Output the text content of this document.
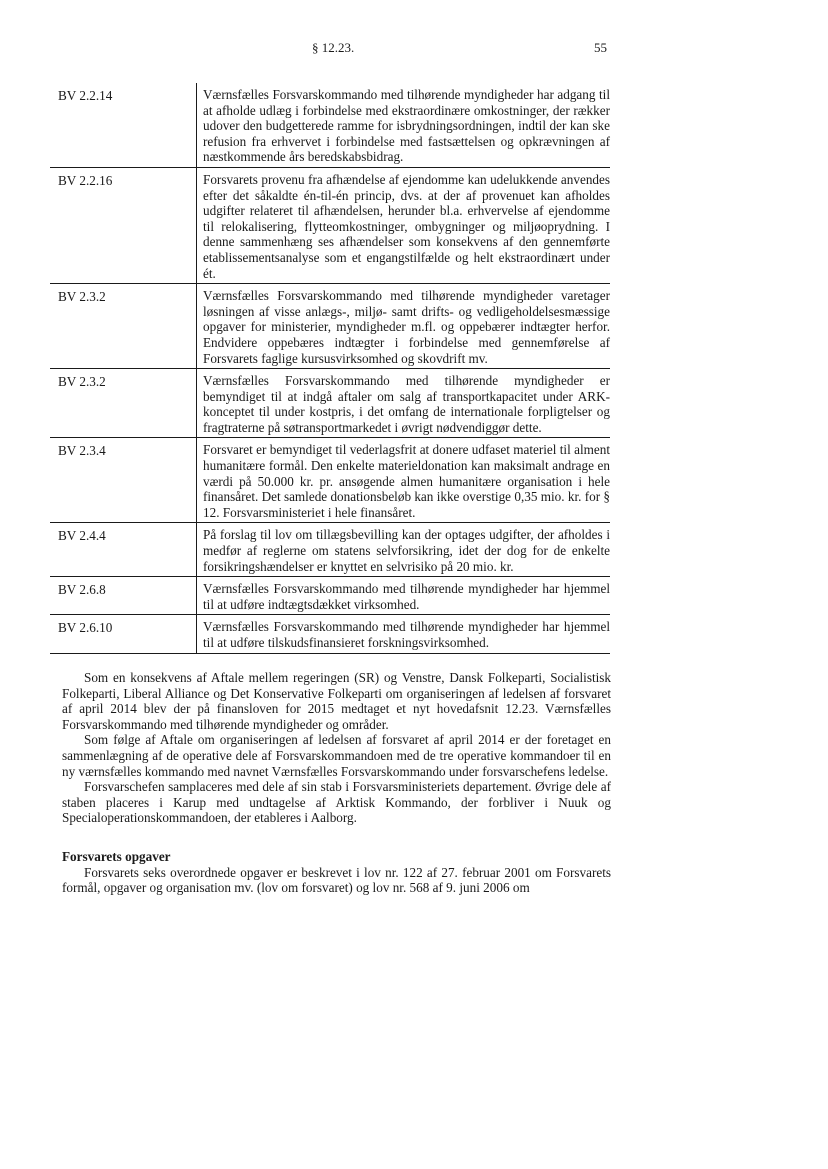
§ 12.23.	55
BV 2.2.14	Værnsfælles Forsvarskommando med tilhørende myndigheder har adgang til at afholde udlæg i forbindelse med ekstraordinære omkostninger, der rækker udover den budgetterede ramme for isbrydningsordningen, indtil der kan ske refusion fra erhvervet i forbindelse med fastsættelsen og opkrævningen af næstkommende års beredskabsbidrag.
BV 2.2.16	Forsvarets provenu fra afhændelse af ejendomme kan udelukkende anvendes efter det såkaldte én-til-én princip, dvs. at der af provenuet kan afholdes udgifter relateret til afhændelsen, herunder bl.a. erhvervelse af ejendomme til relokalisering, flytteomkostninger, ombygninger og miljøoprydning. I denne sammenhæng ses afhændelser som konsekvens af den gennemførte etablissementsanalyse som et engangstilfælde og helt ekstraordinært under ét.
BV 2.3.2	Værnsfælles Forsvarskommando med tilhørende myndigheder varetager løsningen af visse anlægs-, miljø- samt drifts- og vedligeholdelsesmæssige opgaver for ministerier, myndigheder m.fl. og oppebærer indtægter herfor. Endvidere oppebæres indtægter i forbindelse med gennemførelse af Forsvarets faglige kursusvirksomhed og skovdrift mv.
BV 2.3.2	Værnsfælles Forsvarskommando med tilhørende myndigheder er bemyndiget til at indgå aftaler om salg af transportkapacitet under ARK-konceptet til under kostpris, i det omfang de internationale forpligtelser og fragtraterne på søtransportmarkedet i øvrigt nødvendiggør dette.
BV 2.3.4	Forsvaret er bemyndiget til vederlagsfrit at donere udfaset materiel til alment humanitære formål. Den enkelte materieldonation kan maksimalt andrage en værdi på 50.000 kr. pr. ansøgende almen humanitære organisation i hele finansåret. Det samlede donationsbeløb kan ikke overstige 0,35 mio. kr. for § 12. Forsvarsministeriet i hele finansåret.
BV 2.4.4	På forslag til lov om tillægsbevilling kan der optages udgifter, der afholdes i medfør af reglerne om statens selvforsikring, idet der dog for de enkelte forsikringshændelser er knyttet en selvrisiko på 20 mio. kr.
BV 2.6.8	Værnsfælles Forsvarskommando med tilhørende myndigheder har hjemmel til at udføre indtægtsdækket virksomhed.
BV 2.6.10	Værnsfælles Forsvarskommando med tilhørende myndigheder har hjemmel til at udføre tilskudsfinansieret forskningsvirksomhed.

Som en konsekvens af Aftale mellem regeringen (SR) og Venstre, Dansk Folkeparti, Socialistisk Folkeparti, Liberal Alliance og Det Konservative Folkeparti om organiseringen af ledelsen af forsvaret af april 2014 blev der på finansloven for 2015 medtaget et nyt hovedafsnit 12.23. Værnsfælles Forsvarskommando med tilhørende myndigheder og områder.

Som følge af Aftale om organiseringen af ledelsen af forsvaret af april 2014 er der foretaget en sammenlægning af de operative dele af Forsvarskommandoen med de tre operative kommandoer til en ny værnsfælles kommando med navnet Værnsfælles Forsvarskommando under forsvarschefens ledelse.

Forsvarschefen samplaceres med dele af sin stab i Forsvarsministeriets departement. Øvrige dele af staben placeres i Karup med undtagelse af Arktisk Kommando, der forbliver i Nuuk og Specialoperationskommandoen, der etableres i Aalborg.

Forsvarets opgaver

Forsvarets seks overordnede opgaver er beskrevet i lov nr. 122 af 27. februar 2001 om Forsvarets formål, opgaver og organisation mv. (lov om forsvaret) og lov nr. 568 af 9. juni 2006 om
